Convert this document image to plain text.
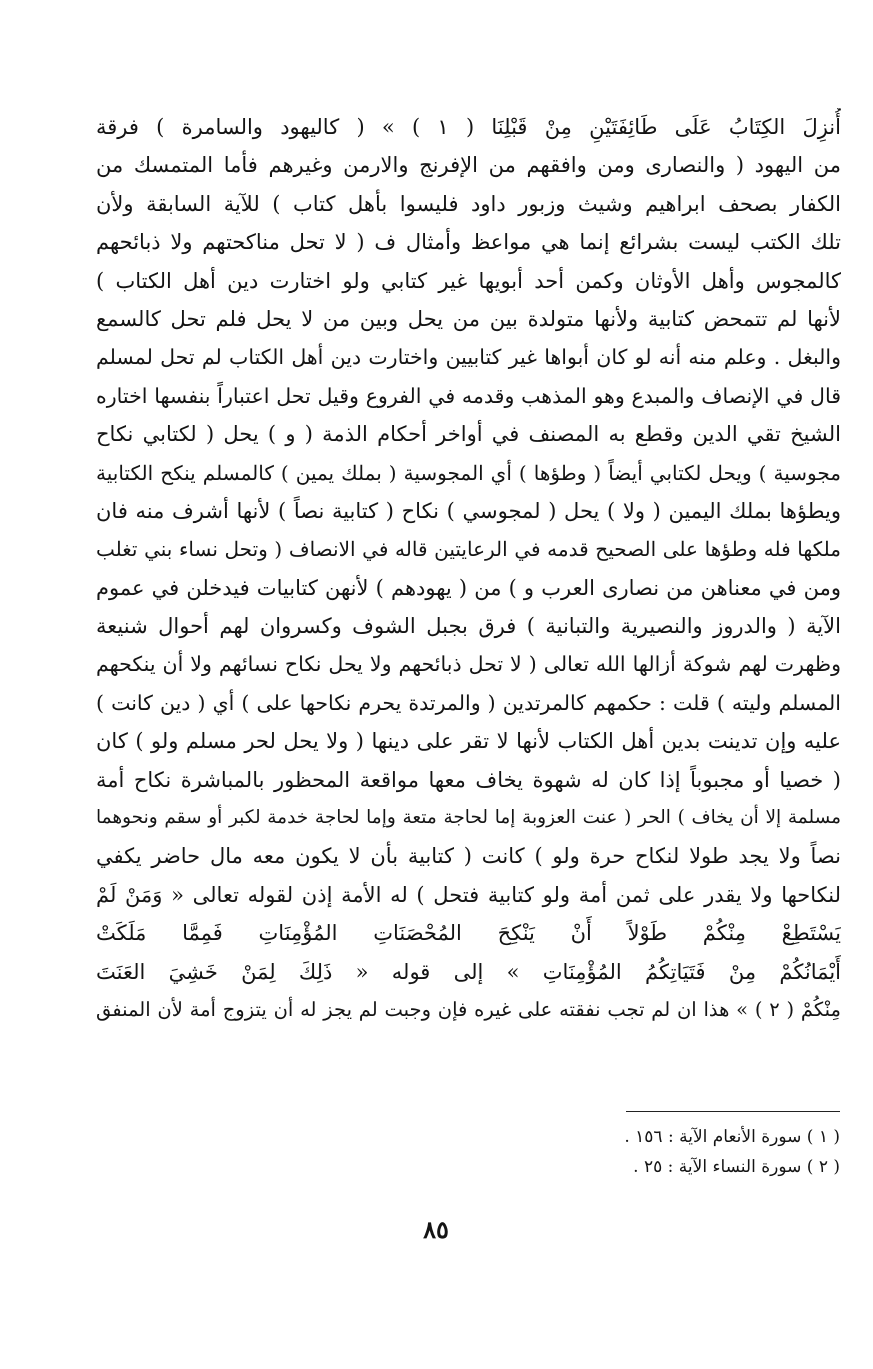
أُنزِلَ الكِتَابُ عَلَى طَائِفَتَيْنِ مِنْ قَبْلِنَا ( ١ ) » ( كاليهود والسامرة ) فرقة
من اليهود ( والنصارى ومن وافقهم من الإفرنج والارمن وغيرهم فأما المتمسك من
الكفار بصحف ابراهيم وشيث وزبور داود فليسوا بأهل كتاب ) للآية السابقة ولأن
تلك الكتب ليست بشرائع إنما هي مواعظ وأمثال ف ( لا تحل مناكحتهم ولا ذبائحهم
كالمجوس وأهل الأوثان وكمن أحد أبويها غير كتابي ولو اختارت دين أهل الكتاب )
لأنها لم تتمحض كتابية ولأنها متولدة بين من يحل وبين من لا يحل فلم تحل كالسمع
والبغل . وعلم منه أنه لو كان أبواها غير كتابيين واختارت دين أهل الكتاب لم تحل لمسلم
قال في الإنصاف والمبدع وهو المذهب وقدمه في الفروع وقيل تحل اعتباراً بنفسها اختاره
الشيخ تقي الدين وقطع به المصنف في أواخر أحكام الذمة ( و ) يحل ( لكتابي نكاح
مجوسية ) ويحل لكتابي أيضاً ( وطؤها ) أي المجوسية ( بملك يمين ) كالمسلم ينكح الكتابية
ويطؤها بملك اليمين ( ولا ) يحل ( لمجوسي ) نكاح ( كتابية نصاً ) لأنها أشرف منه فان
ملكها فله وطؤها على الصحيح قدمه في الرعايتين قاله في الانصاف ( وتحل نساء بني تغلب
ومن في معناهن من نصارى العرب و ) من ( يهودهم ) لأنهن كتابيات فيدخلن في عموم
الآية ( والدروز والنصيرية والتبانية ) فرق بجبل الشوف وكسروان لهم أحوال شنيعة
وظهرت لهم شوكة أزالها الله تعالى ( لا تحل ذبائحهم ولا يحل نكاح نسائهم ولا أن ينكحهم
المسلم وليته ) قلت : حكمهم كالمرتدين ( والمرتدة يحرم نكاحها على ) أي ( دين كانت )
عليه وإن تدينت بدين أهل الكتاب لأنها لا تقر على دينها ( ولا يحل لحر مسلم ولو ) كان
( خصيا أو مجبوباً إذا كان له شهوة يخاف معها مواقعة المحظور بالمباشرة نكاح أمة
مسلمة إلا أن يخاف ) الحر ( عنت العزوبة إما لحاجة متعة وإما لحاجة خدمة لكبر أو سقم ونحوهما
نصاً ولا يجد طولا لنكاح حرة ولو ) كانت ( كتابية بأن لا يكون معه مال حاضر يكفي
لنكاحها ولا يقدر على ثمن أمة ولو كتابية فتحل ) له الأمة إذن لقوله تعالى « وَمَنْ لَمْ
يَسْتَطِعْ مِنْكُمْ طَوْلاً أَنْ يَنْكِحَ المُحْصَنَاتِ المُؤْمِنَاتِ فَمِمَّا مَلَكَتْ
أَيْمَانُكُمْ مِنْ فَتَيَاتِكُمُ المُؤْمِنَاتِ » إلى قوله « ذَلِكَ لِمَنْ خَشِيَ العَنَتَ
مِنْكُمْ ( ٢ ) » هذا ان لم تجب نفقته على غيره فإن وجبت لم يجز له أن يتزوج أمة لأن المنفق
( ١ ) سورة الأنعام الآية : ١٥٦ .
( ٢ ) سورة النساء الآية : ٢٥ .
٨٥
